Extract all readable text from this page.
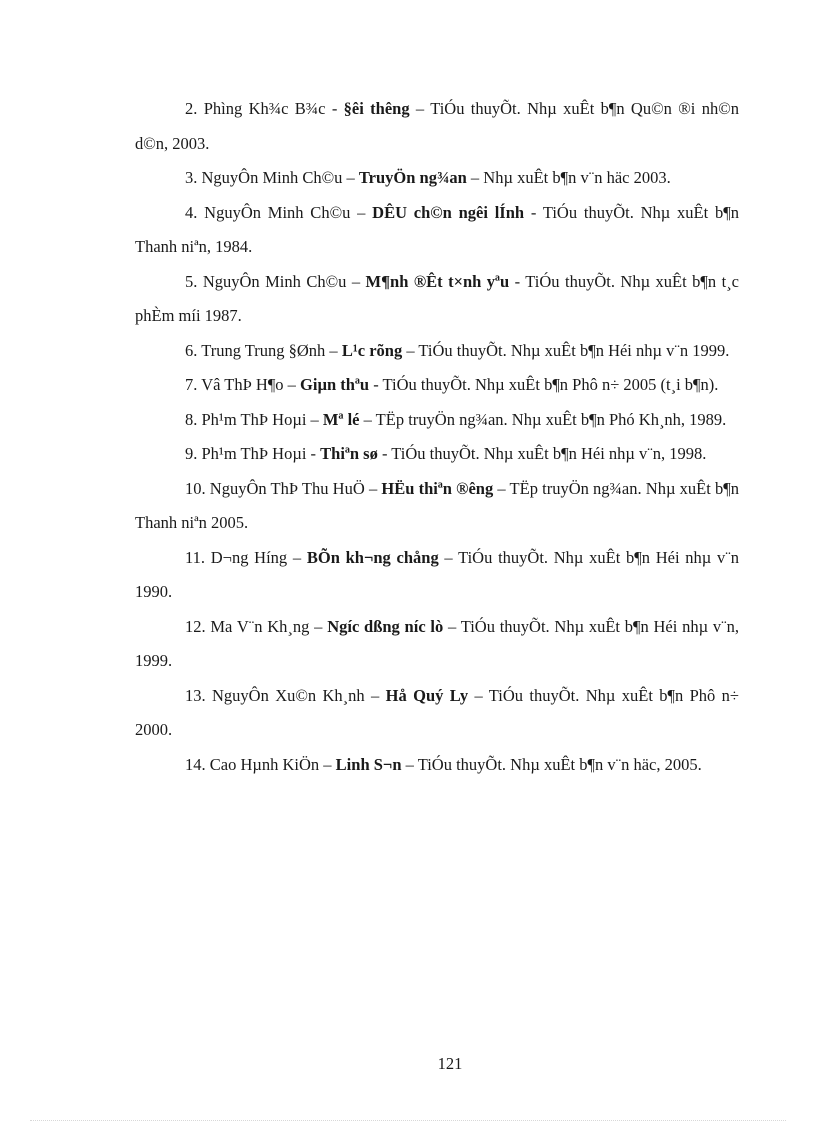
2. Phìng Kh¾c B¾c - §êi thêng – TiÓu thuyÕt. Nhµ xuÊt b¶n Qu©n ®i nh©n d©n, 2003.
3. NguyÔn Minh Ch©u – TruyÖn ng¾an – Nhµ xuÊt b¶n v¨n häc 2003.
4. NguyÔn Minh Ch©u – DÊU ch©n ngêi lÍnh - TiÓu thuyÕt. Nhµ xuÊt b¶n Thanh niªn, 1984.
5. NguyÔn Minh Ch©u – M¶nh ®Êt t×nh yªu - TiÓu thuyÕt. Nhµ xuÊt b¶n t¸c phÈm míi 1987.
6. Trung Trung §Ønh – L¹c rõng – TiÓu thuyÕt. Nhµ xuÊt b¶n Héi nhµ v¨n 1999.
7. Vâ ThÞ H¶o – Giµn thªu - TiÓu thuyÕt. Nhµ xuÊt b¶n Phô n÷ 2005 (t¸i b¶n).
8. Ph¹m ThÞ Hoµi – Mª lé – TËp truyÖn ng¾an. Nhµ xuÊt b¶n Phó Kh¸nh, 1989.
9. Ph¹m ThÞ Hoµi - Thiªn sø - TiÓu thuyÕt. Nhµ xuÊt b¶n Héi nhµ v¨n, 1998.
10. NguyÔn ThÞ Thu HuÖ – HËu thiªn ®êng – TËp truyÖn ng¾an. Nhµ xuÊt b¶n Thanh niªn 2005.
11. D¬ng Híng – BÕn kh¬ng chång – TiÓu thuyÕt. Nhµ xuÊt b¶n Héi nhµ v¨n 1990.
12. Ma V¨n Kh¸ng – Ngíc dßng níc lò – TiÓu thuyÕt. Nhµ xuÊt b¶n Héi nhµ v¨n, 1999.
13. NguyÔn Xu©n Kh¸nh – Hå Quý Ly – TiÓu thuyÕt. Nhµ xuÊt b¶n Phô n÷ 2000.
14. Cao Hµnh KiÖn – Linh S¬n – TiÓu thuyÕt. Nhµ xuÊt b¶n v¨n häc, 2005.
121
